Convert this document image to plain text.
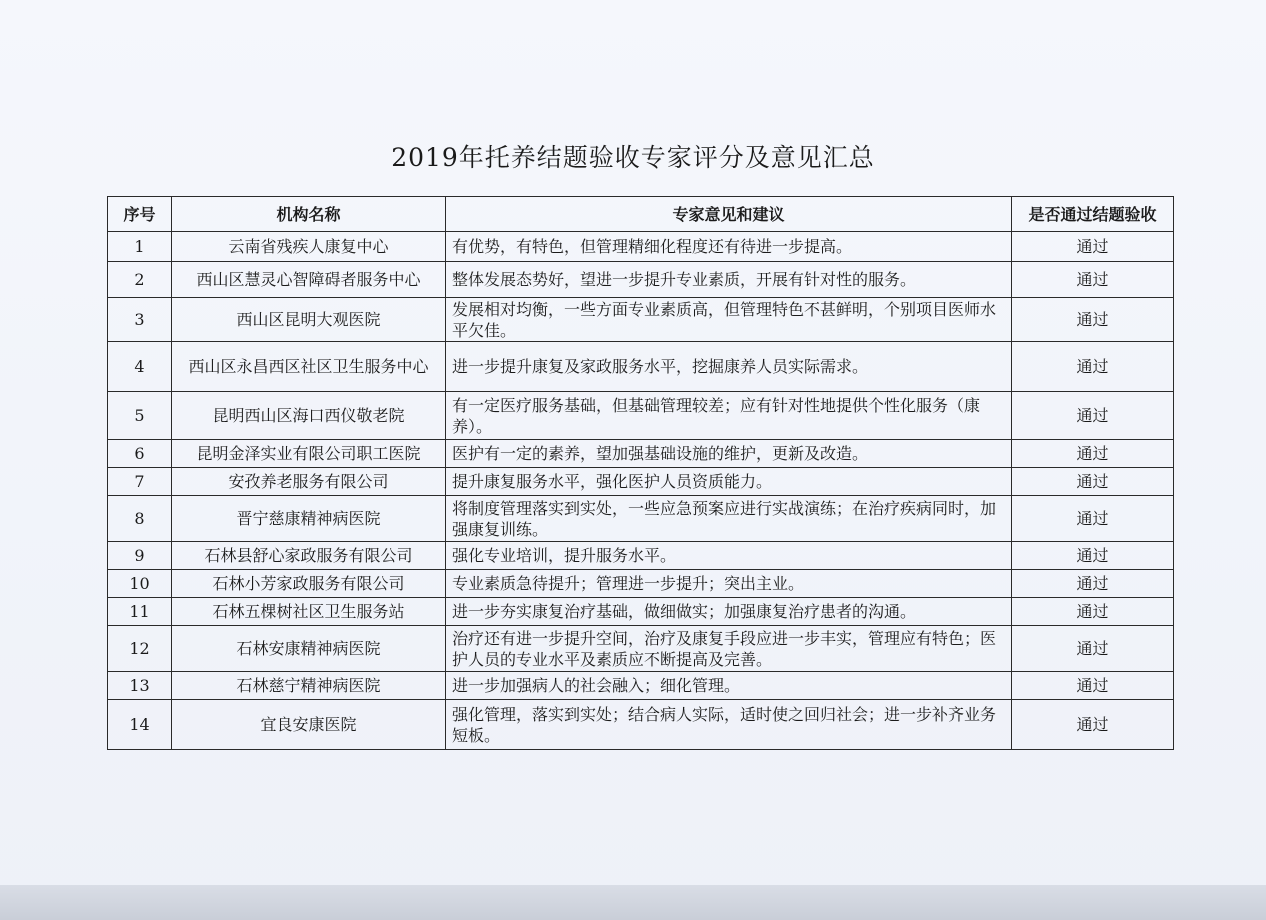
2019年托养结题验收专家评分及意见汇总
序号	机构名称	专家意见和建议	是否通过结题验收
1	云南省残疾人康复中心	有优势，有特色，但管理精细化程度还有待进一步提高。	通过
2	西山区慧灵心智障碍者服务中心	整体发展态势好，望进一步提升专业素质，开展有针对性的服务。	通过
3	西山区昆明大观医院	发展相对均衡，一些方面专业素质高，但管理特色不甚鲜明，个别项目医师水平欠佳。	通过
4	西山区永昌西区社区卫生服务中心	进一步提升康复及家政服务水平，挖掘康养人员实际需求。	通过
5	昆明西山区海口西仪敬老院	有一定医疗服务基础，但基础管理较差；应有针对性地提供个性化服务（康养）。	通过
6	昆明金泽实业有限公司职工医院	医护有一定的素养，望加强基础设施的维护，更新及改造。	通过
7	安孜养老服务有限公司	提升康复服务水平，强化医护人员资质能力。	通过
8	晋宁慈康精神病医院	将制度管理落实到实处，一些应急预案应进行实战演练；在治疗疾病同时，加强康复训练。	通过
9	石林县舒心家政服务有限公司	强化专业培训，提升服务水平。	通过
10	石林小芳家政服务有限公司	专业素质急待提升；管理进一步提升；突出主业。	通过
11	石林五棵树社区卫生服务站	进一步夯实康复治疗基础，做细做实；加强康复治疗患者的沟通。	通过
12	石林安康精神病医院	治疗还有进一步提升空间，治疗及康复手段应进一步丰实，管理应有特色；医护人员的专业水平及素质应不断提高及完善。	通过
13	石林慈宁精神病医院	进一步加强病人的社会融入；细化管理。	通过
14	宜良安康医院	强化管理，落实到实处；结合病人实际，适时使之回归社会；进一步补齐业务短板。	通过
